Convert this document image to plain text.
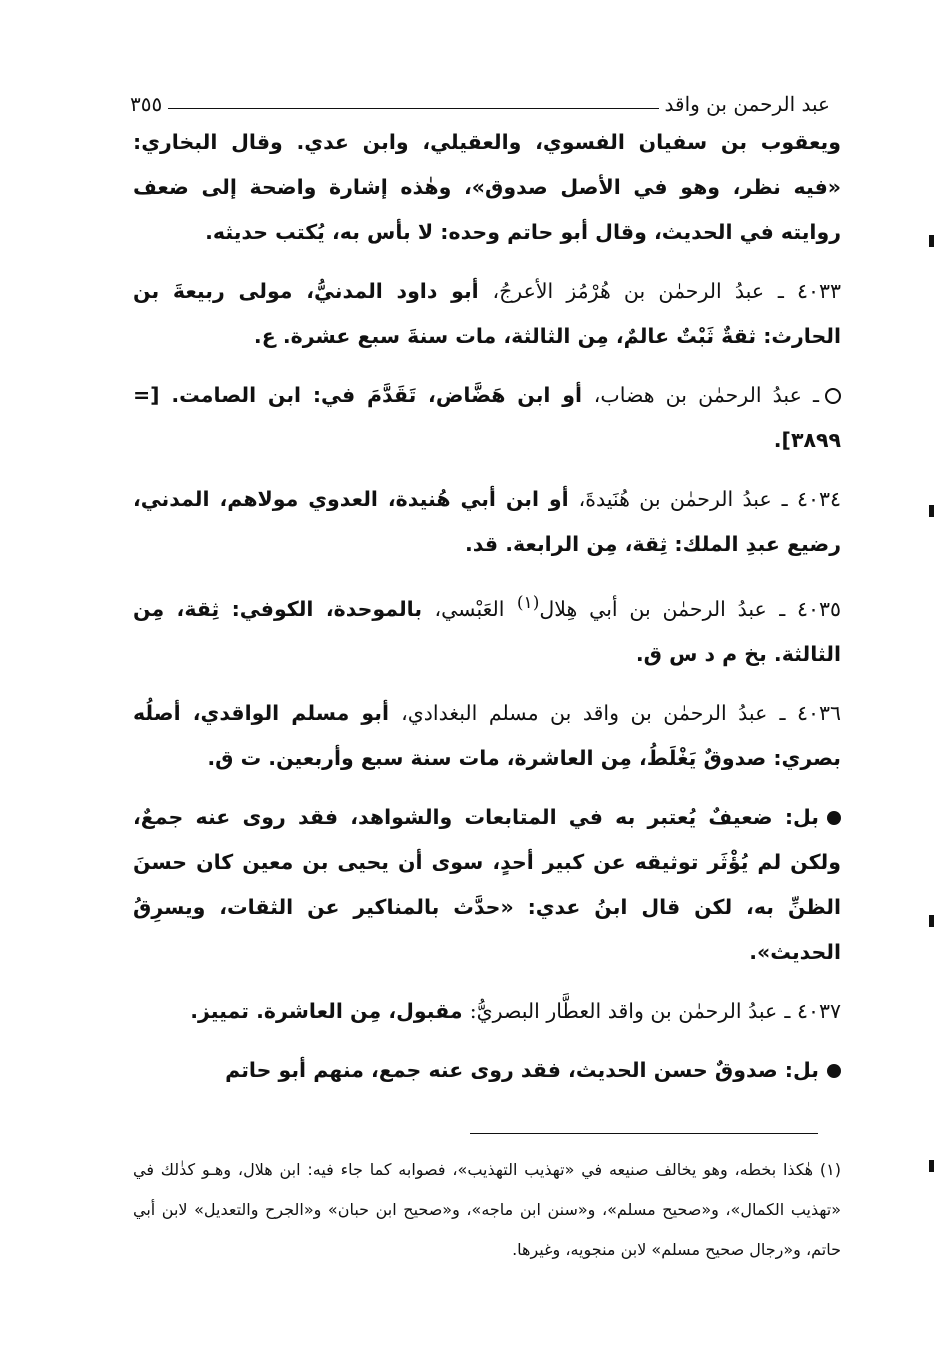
عبد الرحمن بن واقد
٣٥٥

ويعقوب بن سفيان الفسوي، والعقيلي، وابن عدي. وقال البخاري: «فيه نظر، وهو في الأصل صدوق»، وهٰذه إشارة واضحة إلى ضعف روايته في الحديث، وقال أبو حاتم وحده: لا بأس به، يُكتب حديثه.

٤٠٣٣ ـ عبدُ الرحمٰن بن هُرْمُز الأعرجُ، أبو داود المدنيُّ، مولى ربيعةَ بن الحارث: ثقةٌ ثَبْتٌ عالمٌ، مِن الثالثة، مات سنةَ سبع عشرة. ع.

ـ عبدُ الرحمٰن بن هضاب، أو ابن هَضَّاض، تَقَدَّمَ في: ابن الصامت. [= ٣٨٩٩].

٤٠٣٤ ـ عبدُ الرحمٰن بن هُنَيدةَ، أو ابن أبي هُنيدة، العدوي مولاهم، المدني، رضيع عبدِ الملك: ثِقة، مِن الرابعة. قد.

٤٠٣٥ ـ عبدُ الرحمٰن بن أبي هِلال$^{(١)}$ العَبْسي، بالموحدة، الكوفي: ثِقة، مِن الثالثة. بخ م د س ق.

٤٠٣٦ ـ عبدُ الرحمٰن بن واقد بن مسلم البغدادي، أبو مسلم الواقدي، أصلُه بصري: صدوقٌ يَغْلَطُ، مِن العاشرة، مات سنة سبع وأربعين. ت ق.

بل: ضعيفٌ يُعتبر به في المتابعات والشواهد، فقد روى عنه جمعٌ، ولكن لم يُؤْثَر توثيقه عن كبير أحدٍ، سوى أن يحيى بن معين كان حسنَ الظنِّ به، لكن قال ابنُ عدي: «حدَّث بالمناكير عن الثقات، ويسرِقُ الحديث».

٤٠٣٧ ـ عبدُ الرحمٰن بن واقد العطَّار البصريُّ: مقبول، مِن العاشرة. تمييز.

بل: صدوقٌ حسن الحديث، فقد روى عنه جمع، منهم أبو حاتم

(١) هٰكذا بخطه، وهو يخالف صنيعه في «تهذيب التهذيب»، فصوابه كما جاء فيه: ابن هلال، وهـو كذٰلك في «تهذيب الكمال»، و«صحيح مسلم»، و«سنن ابن ماجه»، و«صحيح ابن حبان» و«الجرح والتعديل» لابن أبي حاتم، و«رجال صحيح مسلم» لابن منجويه، وغيرها.
